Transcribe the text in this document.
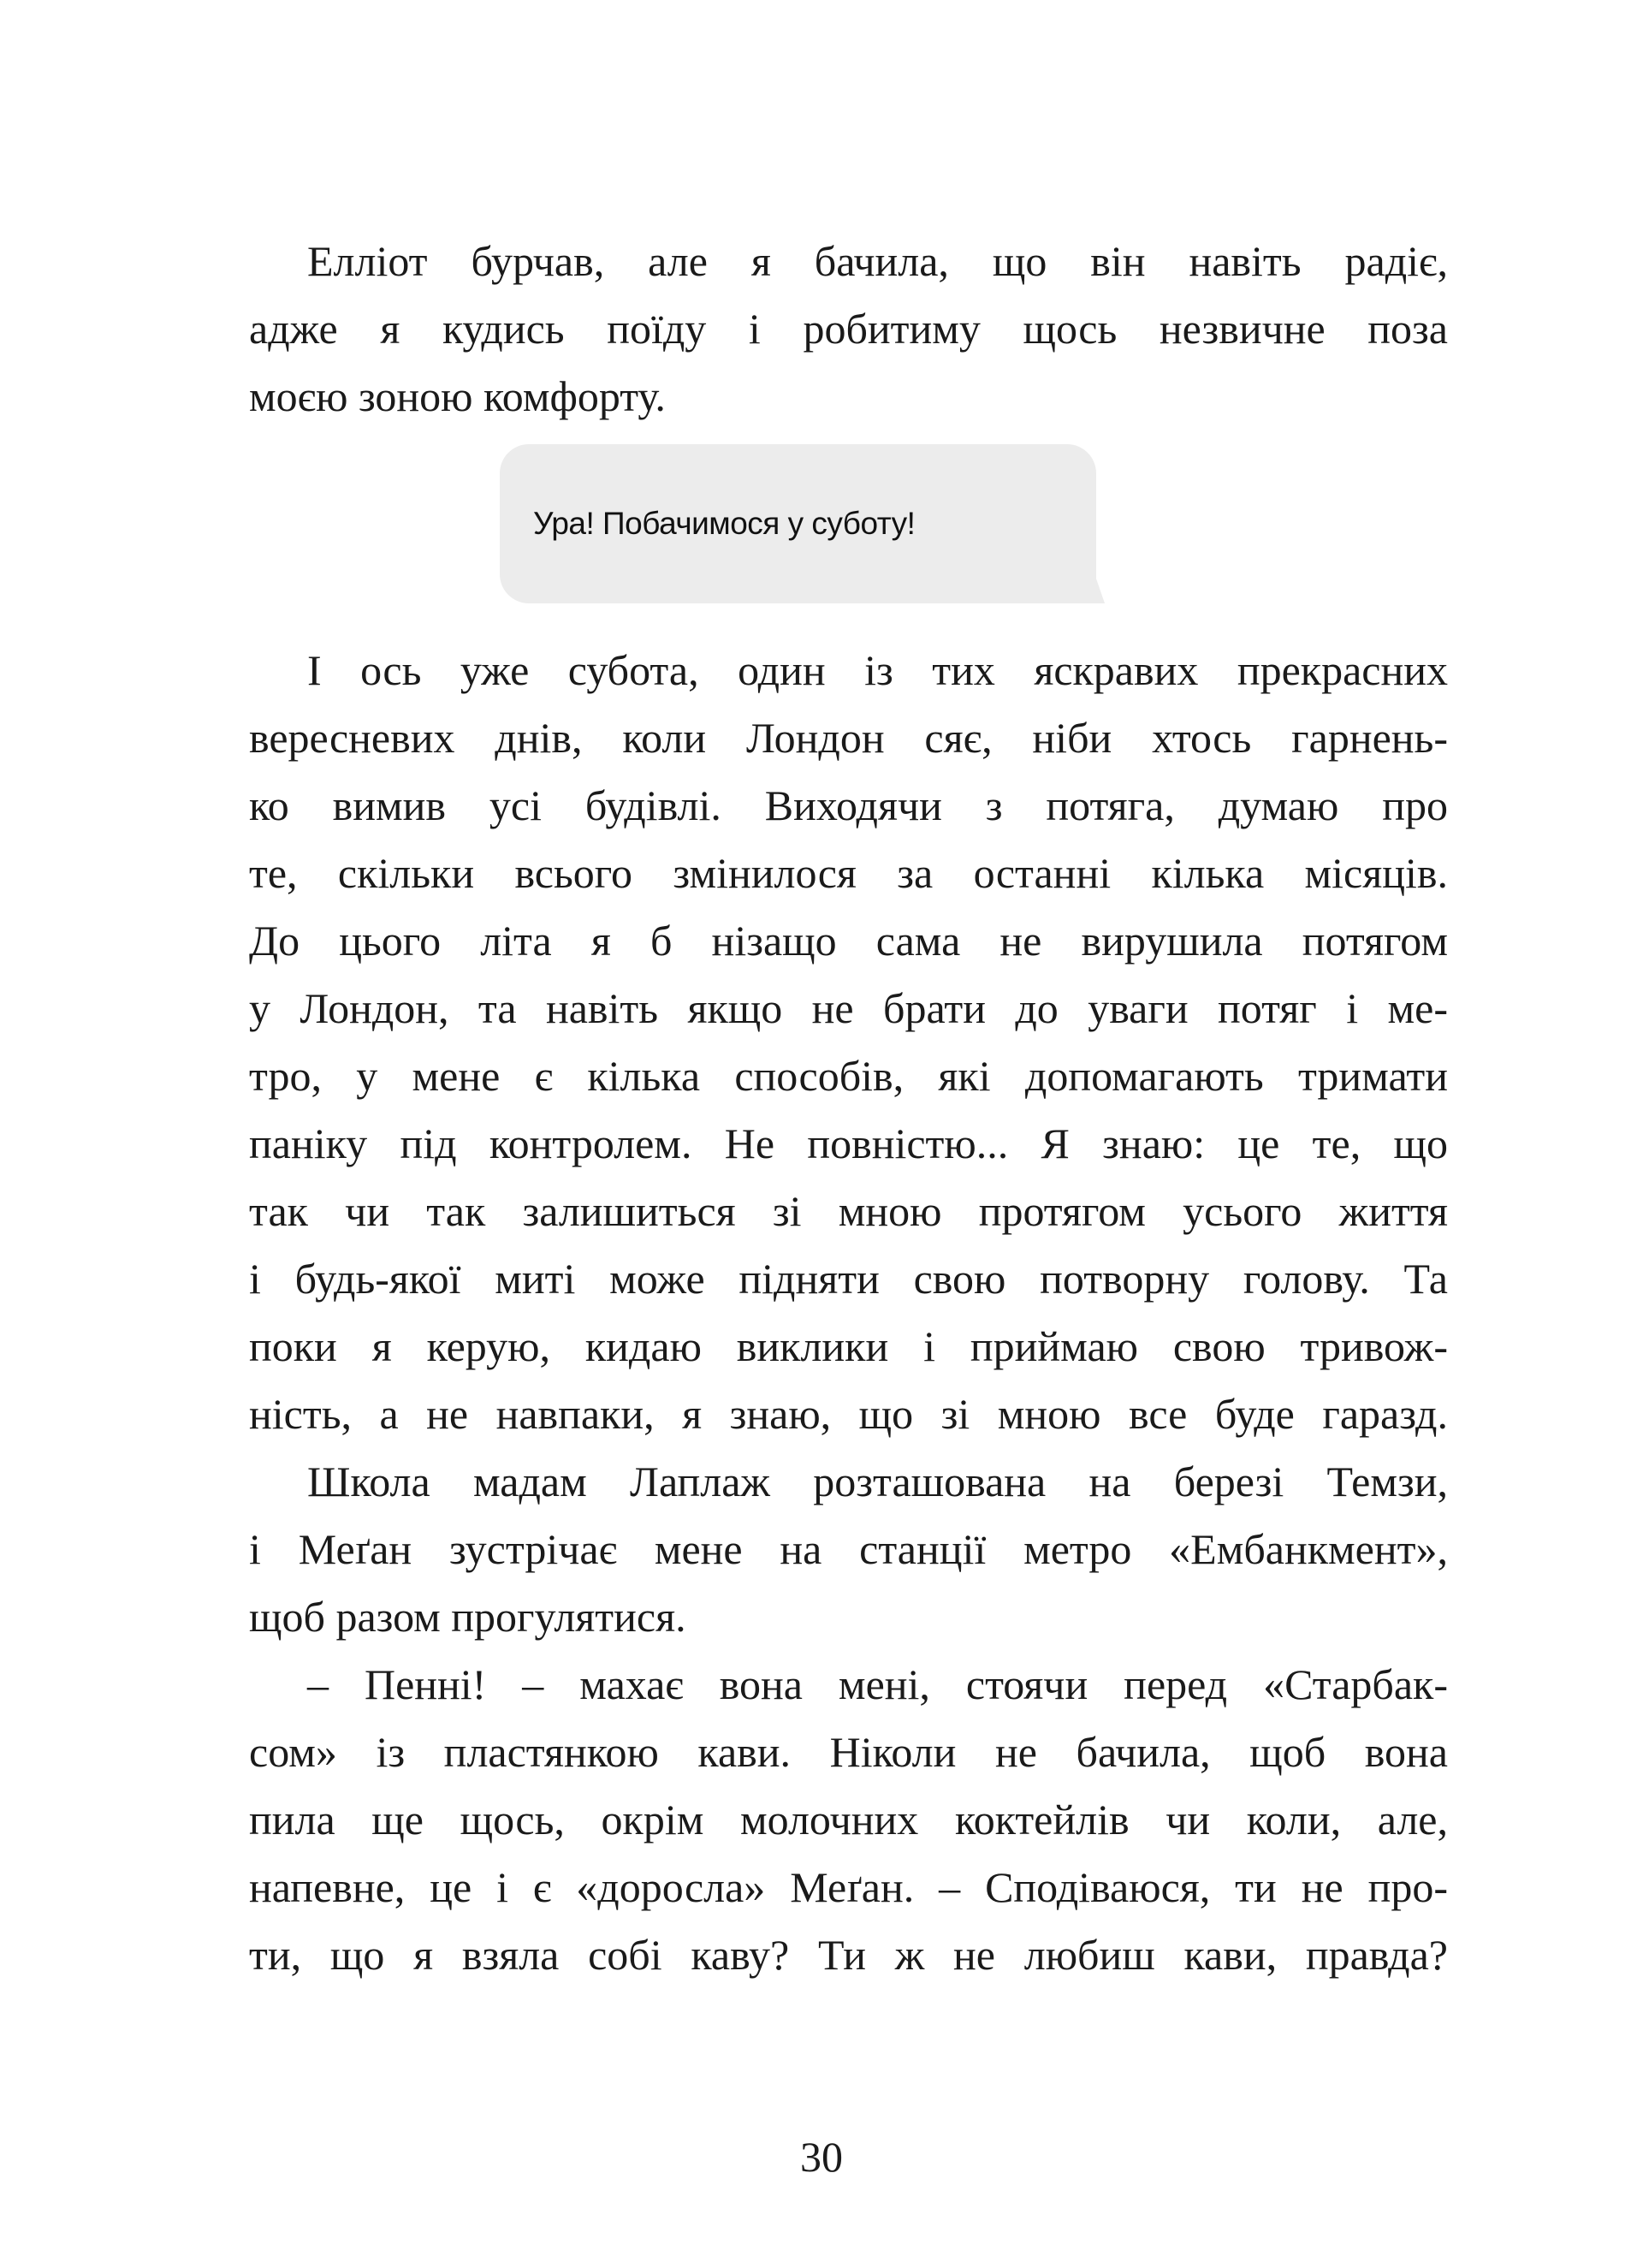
Елліот бурчав, але я бачила, що він навіть радіє,
адже я кудись поїду і робитиму щось незвичне поза
моєю зоною комфорту.
Ура! Побачимося у суботу!
І ось уже субота, один із тих яскравих прекрасних
вересневих днів, коли Лондон сяє, ніби хтось гарнень-
ко вимив усі будівлі. Виходячи з потяга, думаю про
те, скільки всього змінилося за останні кілька місяців.
До цього літа я б нізащо сама не вирушила потягом
у Лондон, та навіть якщо не брати до уваги потяг і ме-
тро, у мене є кілька способів, які допомагають тримати
паніку під контролем. Не повністю... Я знаю: це те, що
так чи так залишиться зі мною протягом усього життя
і будь-якої миті може підняти свою потворну голову. Та
поки я керую, кидаю виклики і приймаю свою тривож-
ність, а не навпаки, я знаю, що зі мною все буде гаразд.
Школа мадам Лаплаж розташована на березі Темзи,
і Меґан зустрічає мене на станції метро «Ембанкмент»,
щоб разом прогулятися.
– Пенні! – махає вона мені, стоячи перед «Старбак-
сом» із пластянкою кави. Ніколи не бачила, щоб вона
пила ще щось, окрім молочних коктейлів чи коли, але,
напевне, це і є «доросла» Меґан. – Сподіваюся, ти не про-
ти, що я взяла собі каву? Ти ж не любиш кави, правда?
30
